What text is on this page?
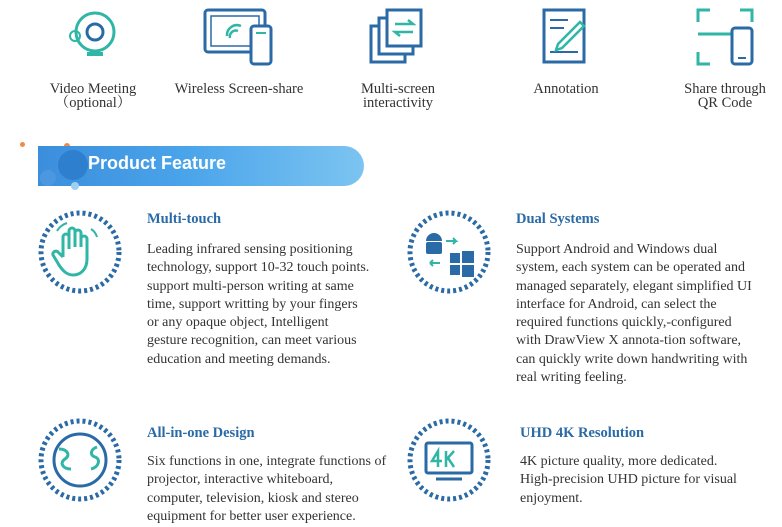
Video Meeting
（optional）
Wireless Screen-share	Multi-screen
interactivity
Annotation	Share through
QR Code
Product Feature
Multi-touch
Leading infrared sensing positioning technology, support 10-32 touch points. support multi-person writing at same time, support writting by your fingers or any opaque object, Intelligent gesture recognition, can meet various education and meeting demands.
Dual Systems
Support Android and Windows dual system, each system can be operated and managed separately, elegant simplified UI interface for Android, can select the required functions quickly,-configured with DrawView X annota-tion software, can quickly write down handwriting with real writing feeling.
All-in-one Design
Six functions in one, integrate functions of projector, interactive whiteboard, computer, television, kiosk and stereo equipment for better user experience.
UHD 4K Resolution
4K picture quality, more dedicated. High-precision UHD picture for visual enjoyment.
